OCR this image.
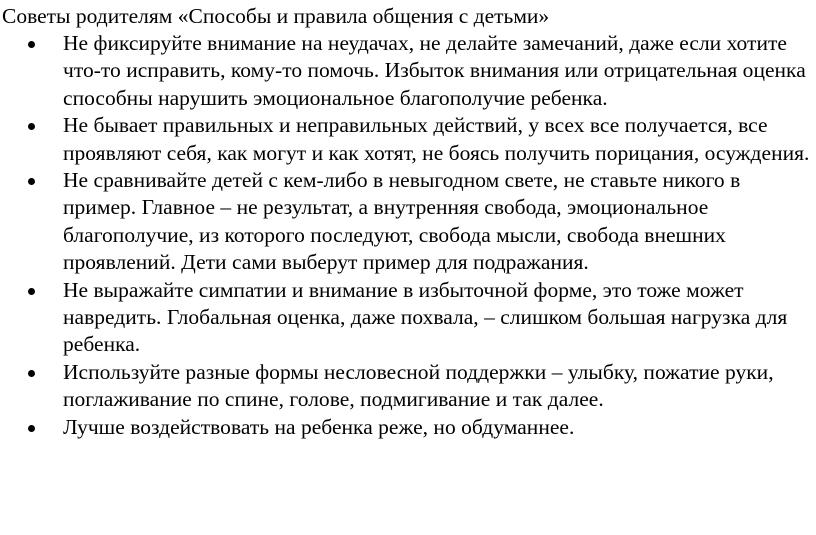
Советы родителям «Способы и правила общения с детьми»
Не фиксируйте внимание на неудачах, не делайте замечаний, даже если хотите что-то исправить, кому-то помочь. Избыток внимания или отрицательная оценка способны нарушить эмоциональное благополучие ребенка.
Не бывает правильных и неправильных действий, у всех все получается, все проявляют себя, как могут и как хотят, не боясь получить порицания, осуждения.
Не сравнивайте детей с кем-либо в невыгодном свете, не ставьте никого в пример. Главное – не результат, а внутренняя свобода, эмоциональное благополучие, из которого последуют, свобода мысли, свобода внешних проявлений. Дети сами выберут пример для подражания.
Не выражайте симпатии и внимание в избыточной форме, это тоже может навредить. Глобальная оценка, даже похвала, – слишком большая нагрузка для ребенка.
Используйте разные формы несловесной поддержки – улыбку, пожатие руки, поглаживание по спине, голове, подмигивание и так далее.
Лучше воздействовать на ребенка реже, но обдуманнее.
